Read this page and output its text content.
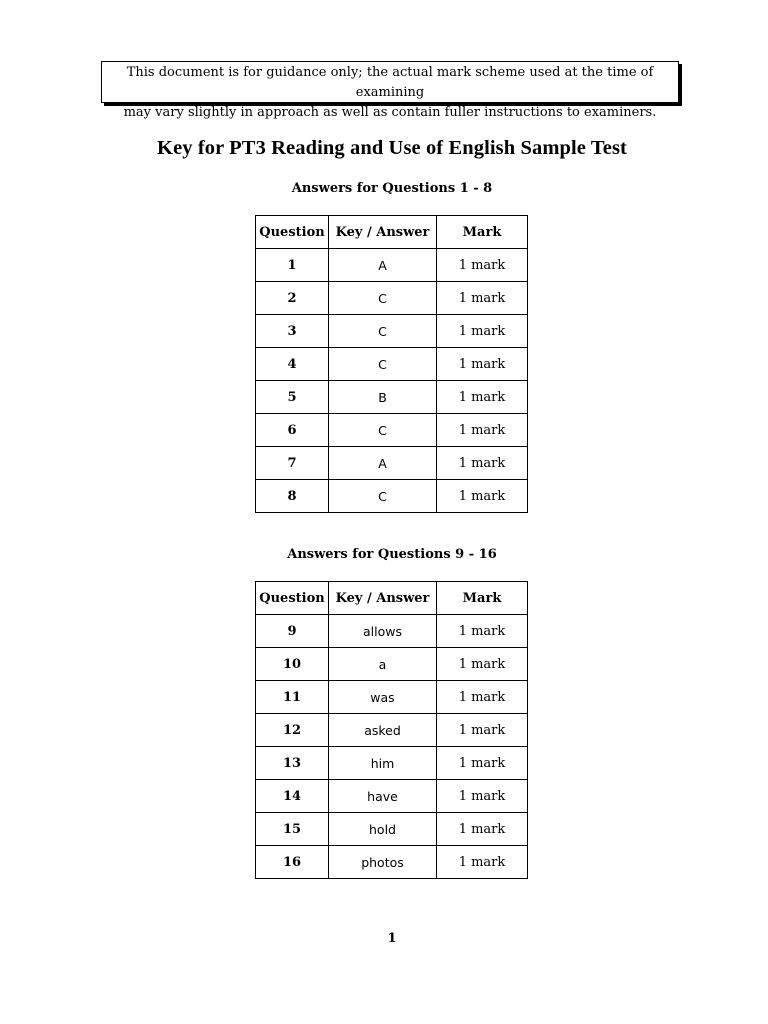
This document is for guidance only; the actual mark scheme used at the time of examining
may vary slightly in approach as well as contain fuller instructions to examiners.
Key for PT3 Reading and Use of English Sample Test
Answers for Questions 1 - 8
Question	Key / Answer	Mark
1	A	1 mark
2	C	1 mark
3	C	1 mark
4	C	1 mark
5	B	1 mark
6	C	1 mark
7	A	1 mark
8	C	1 mark
Answers for Questions 9 - 16
Question	Key / Answer	Mark
9	allows	1 mark
10	a	1 mark
11	was	1 mark
12	asked	1 mark
13	him	1 mark
14	have	1 mark
15	hold	1 mark
16	photos	1 mark
1
